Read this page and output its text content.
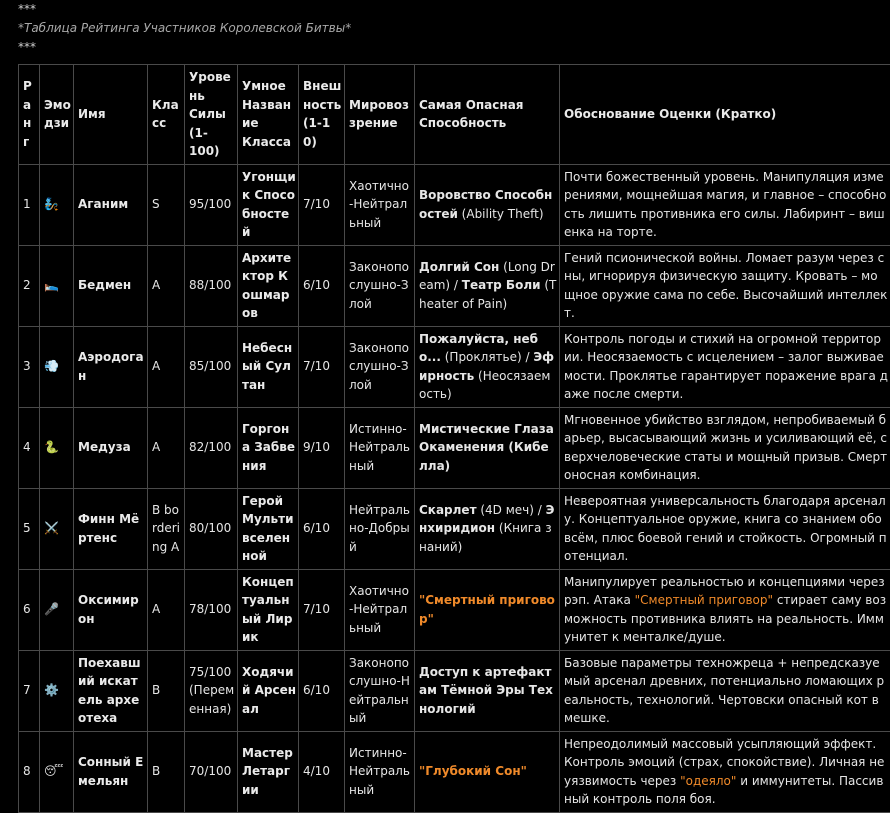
***
*Таблица Рейтинга Участников Королевской Битвы*
***
Ранг	Эмодзи	Имя	Класс	Уровень Силы (1-100)	Умное Название Класса	Внешность (1-10)	Мировоззрение	Самая Опасная Способность	Обоснование Оценки (Кратко)
1	🧞	Аганим	S	95/100	Угонщик Способностей	7/10	Хаотично-Нейтральный	Воровство Способностей (Ability Theft)	Почти божественный уровень. Манипуляция измерениями, мощнейшая магия, и главное – способность лишить противника его силы. Лабиринт – вишенка на торте.
2	🛌	Бедмен	A	88/100	Архитектор Кошмаров	6/10	Законопослушно-Злой	Долгий Сон (Long Dream) / Театр Боли (Theater of Pain)	Гений псионической войны. Ломает разум через сны, игнорируя физическую защиту. Кровать – мощное оружие сама по себе. Высочайший интеллект.
3	💨	Аэродоган	A	85/100	Небесный Султан	7/10	Законопослушно-Злой	Пожалуйста, небо... (Проклятье) / Эфирность (Неосязаемость)	Контроль погоды и стихий на огромной территории. Неосязаемость с исцелением – залог выживаемости. Проклятье гарантирует поражение врага даже после смерти.
4	🐍	Медуза	A	82/100	Горгона Забвения	9/10	Истинно-Нейтральный	Мистические Глаза Окаменения (Кибелла)	Мгновенное убийство взглядом, непробиваемый барьер, высасывающий жизнь и усиливающий её, сверхчеловеческие статы и мощный призыв. Смертоносная комбинация.
5	⚔️	Финн Мёртенс	B bordering A	80/100	Герой Мультивселенной	6/10	Нейтрально-Добрый	Скарлет (4D меч) / Энхиридион (Книга знаний)	Невероятная универсальность благодаря арсеналу. Концептуальное оружие, книга со знанием обо всём, плюс боевой гений и стойкость. Огромный потенциал.
6	🎤	Оксимирон	A	78/100	Концептуальный Лирик	7/10	Хаотично-Нейтральный	"Смертный приговор"	Манипулирует реальностью и концепциями через рэп. Атака "Смертный приговор" стирает саму возможность противника влиять на реальность. Иммунитет к менталке/душе.
7	⚙️	Поехавший искатель археотеха	B	75/100 (Переменная)	Ходячий Арсенал	6/10	Законопослушно-Нейтральный	Доступ к артефактам Тёмной Эры Технологий	Базовые параметры техножреца + непредсказуемый арсенал древних, потенциально ломающих реальность, технологий. Чертовски опасный кот в мешке.
8	😴	Сонный Емельян	B	70/100	Мастер Летаргии	4/10	Истинно-Нейтральный	"Глубокий Сон"	Непреодолимый массовый усыпляющий эффект. Контроль эмоций (страх, спокойствие). Личная неуязвимость через "одеяло" и иммунитеты. Пассивный контроль поля боя.
